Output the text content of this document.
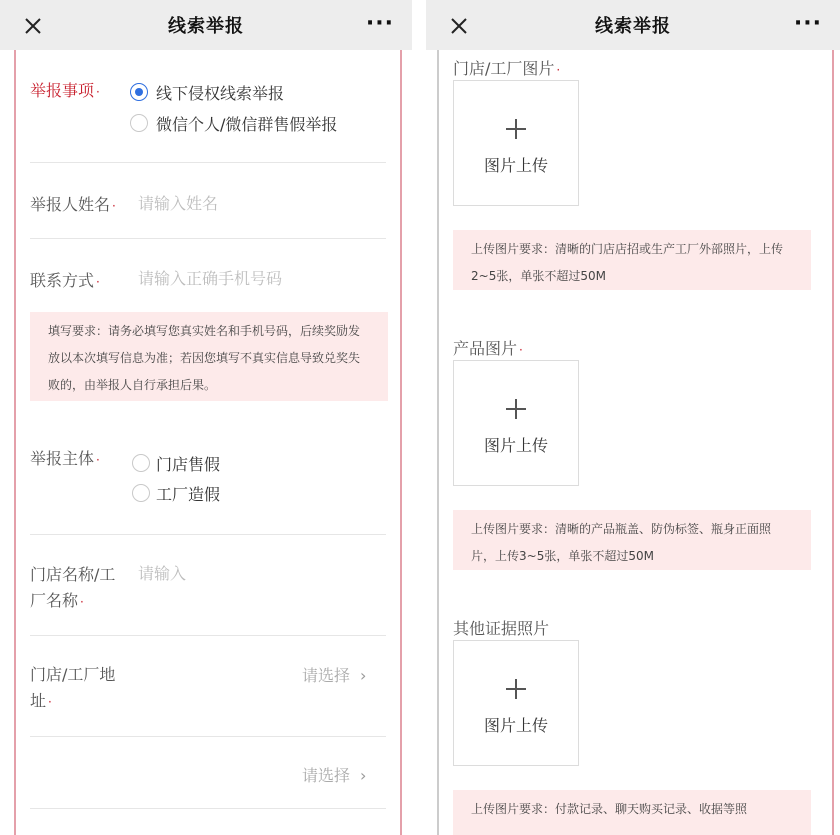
线索举报	···
举报事项 ·	线下侵权线索举报
微信个人/微信群售假举报
举报人姓名 · 请输入姓名
联系方式 · 请输入正确手机号码
填写要求：请务必填写您真实姓名和手机号码，后续奖励发放以本次填写信息为准；若因您填写不真实信息导致兑奖失败的，由举报人自行承担后果。
举报主体 ·	门店售假
工厂造假
门店名称/工
厂名称 ·
请输入
门店/工厂地
址 ·
请选择 ›
请选择 ›
线索举报	···
门店/工厂图片 ·
图片上传
上传图片要求：清晰的门店店招或生产工厂外部照片，上传2~5张，单张不超过50M
产品图片 ·
图片上传
上传图片要求：清晰的产品瓶盖、防伪标签、瓶身正面照片，上传3~5张，单张不超过50M
其他证据照片
图片上传
上传图片要求：付款记录、聊天购买记录、收据等照
